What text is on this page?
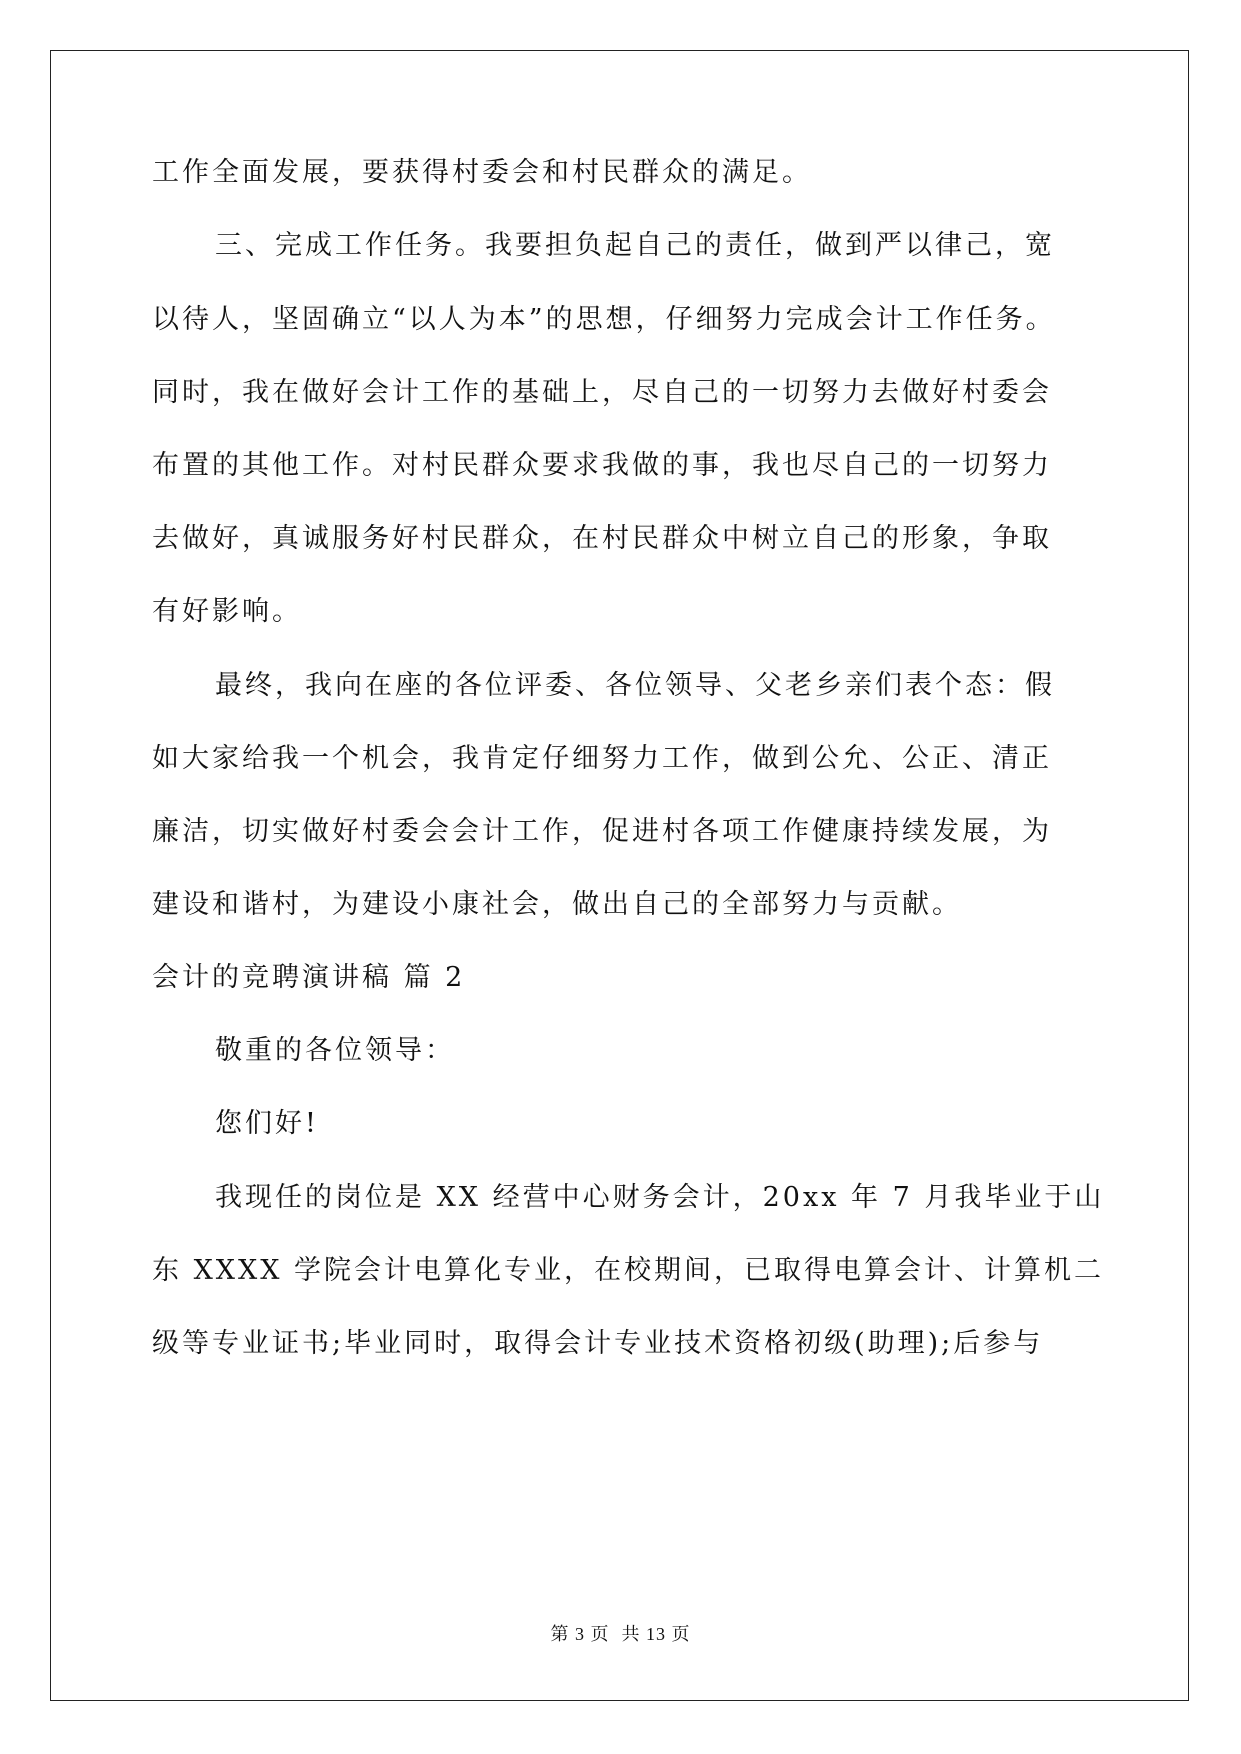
工作全面发展，要获得村委会和村民群众的满足。
三、完成工作任务。我要担负起自己的责任，做到严以律己，宽
以待人，坚固确立“以人为本”的思想，仔细努力完成会计工作任务。
同时，我在做好会计工作的基础上，尽自己的一切努力去做好村委会
布置的其他工作。对村民群众要求我做的事，我也尽自己的一切努力
去做好，真诚服务好村民群众，在村民群众中树立自己的形象，争取
有好影响。
最终，我向在座的各位评委、各位领导、父老乡亲们表个态：假
如大家给我一个机会，我肯定仔细努力工作，做到公允、公正、清正
廉洁，切实做好村委会会计工作，促进村各项工作健康持续发展，为
建设和谐村，为建设小康社会，做出自己的全部努力与贡献。
会计的竞聘演讲稿 篇 2
敬重的各位领导：
您们好!
我现任的岗位是 XX 经营中心财务会计，20xx 年 7 月我毕业于山
东 XXXX 学院会计电算化专业，在校期间，已取得电算会计、计算机二
级等专业证书;毕业同时，取得会计专业技术资格初级(助理);后参与
第 3 页 共 13 页
